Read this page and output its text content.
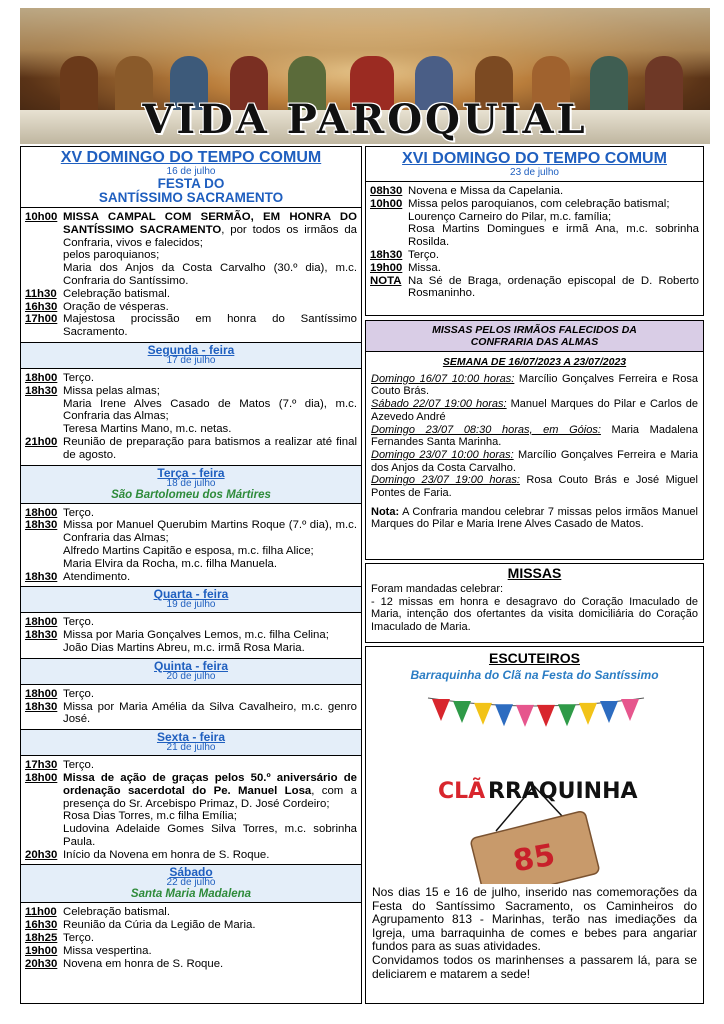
VIDA PAROQUIAL
XV DOMINGO DO TEMPO COMUM
16 de julho
FESTA DO
SANTÍSSIMO SACRAMENTO
10h00 MISSA CAMPAL COM SERMÃO, EM HONRA DO SANTÍSSIMO SACRAMENTO, por todos os irmãos da Confraria, vivos e falecidos;
pelos paroquianos;
Maria dos Anjos da Costa Carvalho (30.º dia), m.c. Confraria do Santíssimo.
11h30 Celebração batismal.
16h30 Oração de vésperas.
17h00 Majestosa procissão em honra do Santíssimo Sacramento.
Segunda - feira
17 de julho
18h00 Terço.
18h30 Missa pelas almas;
Maria Irene Alves Casado de Matos (7.º dia), m.c. Confraria das Almas;
Teresa Martins Mano, m.c. netas.
21h00 Reunião de preparação para batismos a realizar até final de agosto.
Terça - feira
18 de julho
São Bartolomeu dos Mártires
18h00 Terço.
18h30 Missa por Manuel Querubim Martins Roque (7.º dia), m.c. Confraria das Almas;
Alfredo Martins Capitão e esposa, m.c. filha Alice;
Maria Elvira da Rocha, m.c. filha Manuela.
18h30 Atendimento.
Quarta - feira
19 de julho
18h00 Terço.
18h30 Missa por Maria Gonçalves Lemos, m.c. filha Celina;
João Dias Martins Abreu, m.c. irmã Rosa Maria.
Quinta - feira
20 de julho
18h00 Terço.
18h30 Missa por Maria Amélia da Silva Cavalheiro, m.c. genro José.
Sexta - feira
21 de julho
17h30 Terço.
18h00 Missa de ação de graças pelos 50.º aniversário de ordenação sacerdotal do Pe. Manuel Losa, com a presença do Sr. Arcebispo Primaz, D. José Cordeiro;
Rosa Dias Torres, m.c filha Emília;
Ludovina Adelaide Gomes Silva Torres, m.c. sobrinha Paula.
20h30 Início da Novena em honra de S. Roque.
Sábado
22 de julho
Santa Maria Madalena
11h00 Celebração batismal.
16h30 Reunião da Cúria da Legião de Maria.
18h25 Terço.
19h00 Missa vespertina.
20h30 Novena em honra de S. Roque.
XVI DOMINGO DO TEMPO COMUM
23 de julho
08h30 Novena e Missa da Capelania.
10h00 Missa pelos paroquianos, com celebração batismal;
Lourenço Carneiro do Pilar, m.c. família;
Rosa Martins Domingues e irmã Ana, m.c. sobrinha Rosilda.
18h30 Terço.
19h00 Missa.
NOTA Na Sé de Braga, ordenação episcopal de D. Roberto Rosmaninho.
MISSAS PELOS IRMÃOS FALECIDOS DA
CONFRARIA DAS ALMAS
SEMANA DE 16/07/2023 A 23/07/2023
Domingo 16/07 10:00 horas: Marcílio Gonçalves Ferreira e Rosa Couto Brás.
Sábado 22/07 19:00 horas: Manuel Marques do Pilar e Carlos de Azevedo André
Domingo 23/07 08:30 horas, em Góios: Maria Madalena Fernandes Santa Marinha.
Domingo 23/07 10:00 horas: Marcílio Gonçalves Ferreira e Maria dos Anjos da Costa Carvalho.
Domingo 23/07 19:00 horas: Rosa Couto Brás e José Miguel Pontes de Faria.
Nota: A Confraria mandou celebrar 7 missas pelos irmãos Manuel Marques do Pilar e Maria Irene Alves Casado de Matos.
MISSAS
Foram mandadas celebrar:
- 12 missas em honra e desagravo do Coração Imaculado de Maria, intenção dos ofertantes da visita domiciliária do Coração Imaculado de Maria.
ESCUTEIROS
Barraquinha do Clã na Festa do Santíssimo
CLÃ RRAQUINHA
85
Nos dias 15 e 16 de julho, inserido nas comemorações da Festa do Santíssimo Sacramento, os Caminheiros do Agrupamento 813 - Marinhas, terão nas imediações da Igreja, uma barraquinha de comes e bebes para angariar fundos para as suas atividades.
Convidamos todos os marinhenses a passarem lá, para se deliciarem e matarem a sede!
